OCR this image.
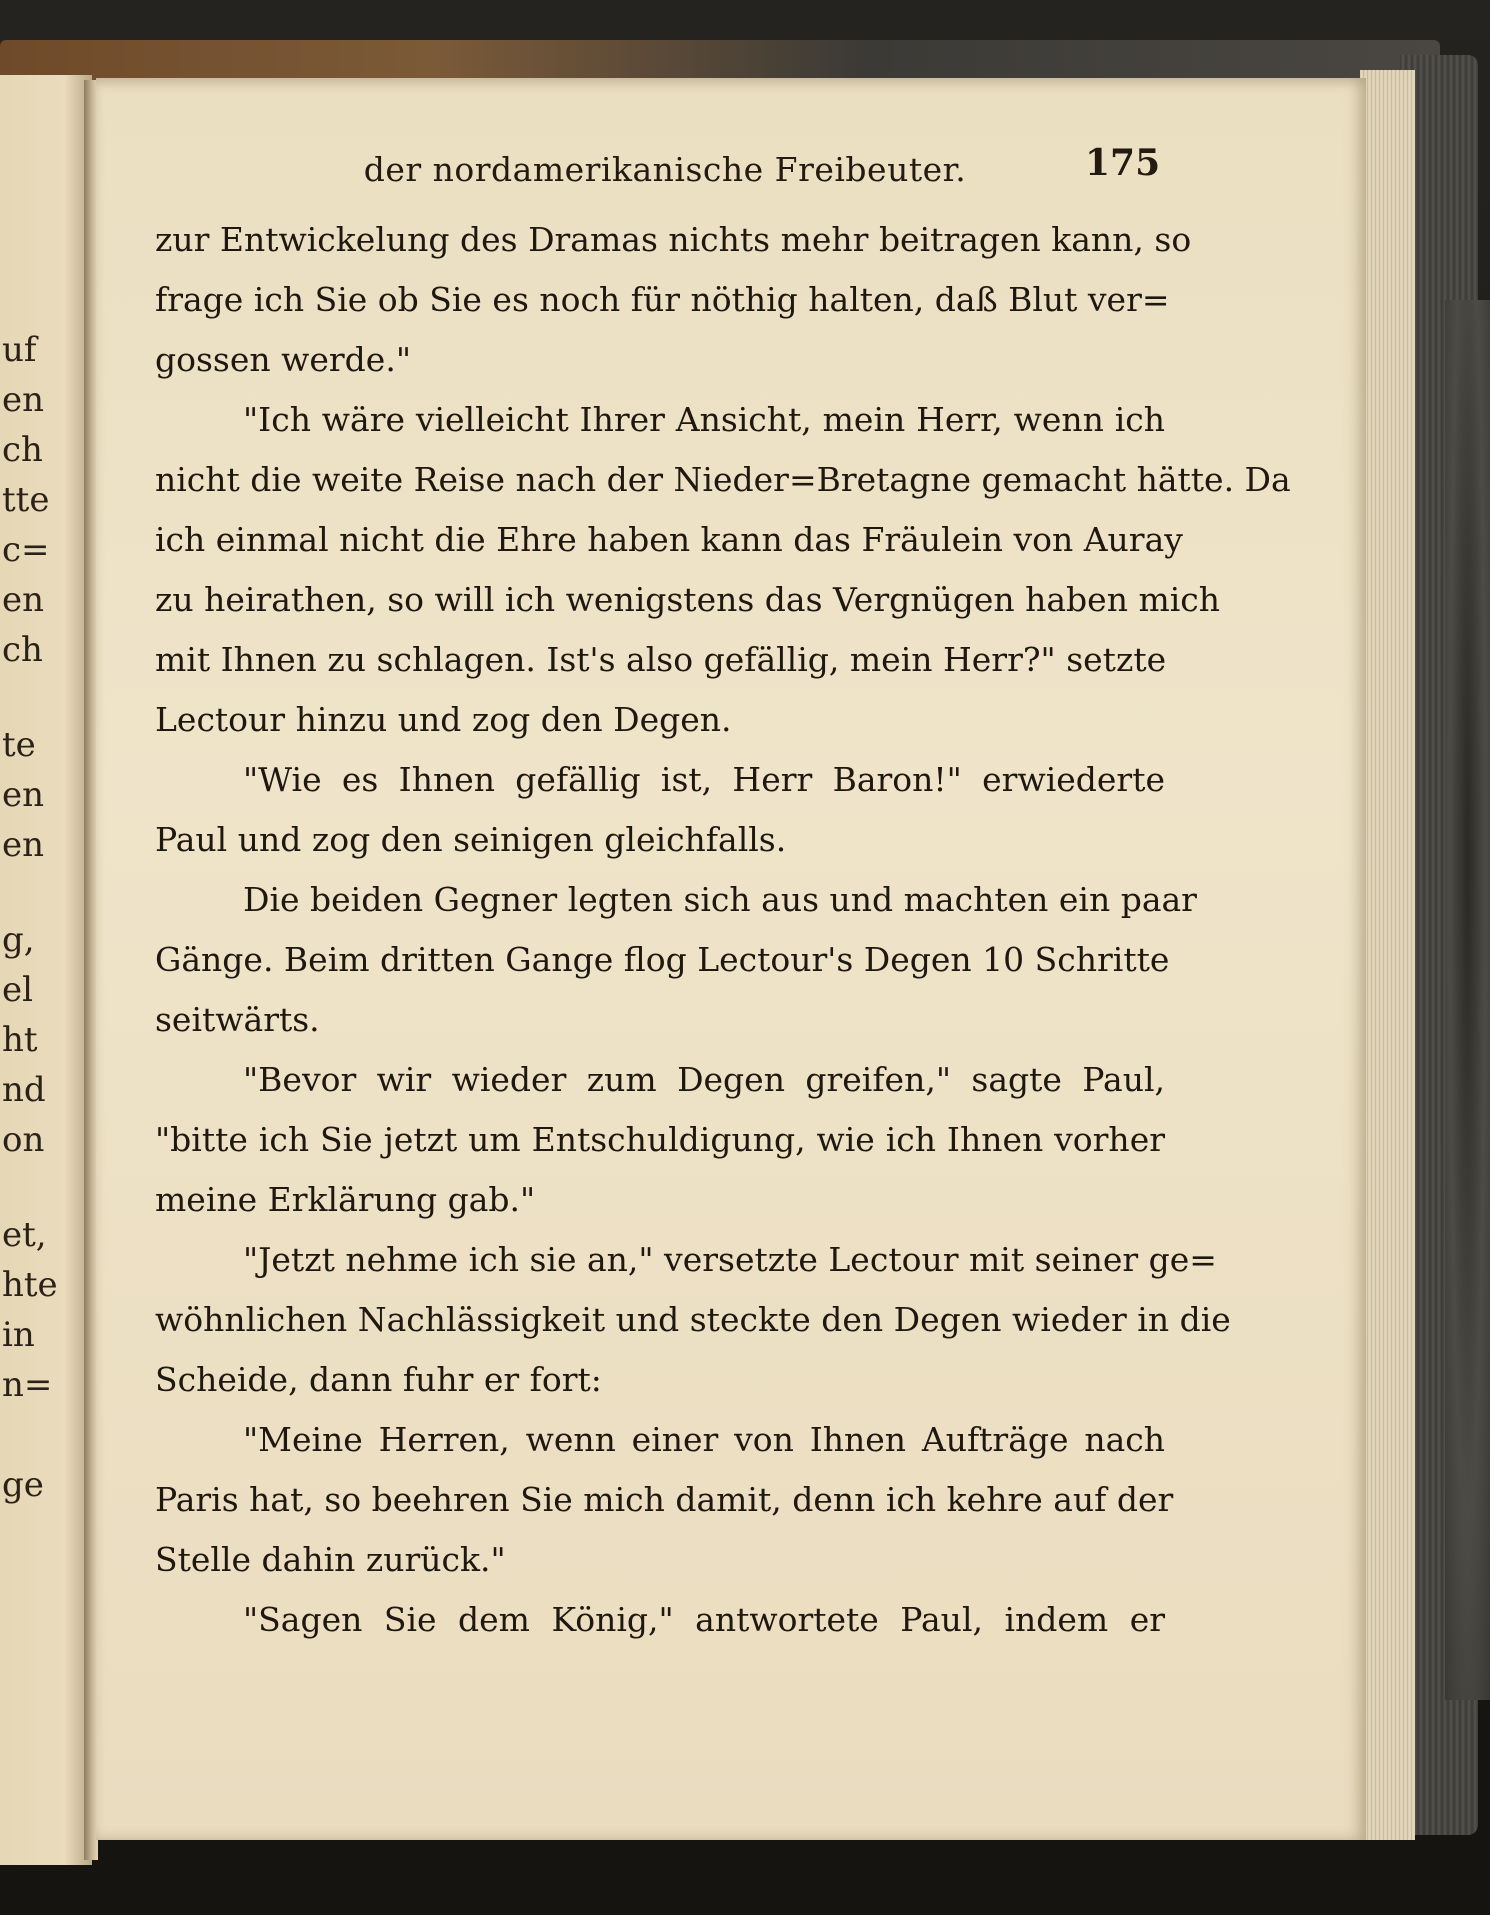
uf
en
ch
tte
c=
en
ch
te
en
en
g,
el
ht
nd
on
et,
hte
in
n=
ge
der nordamerikanische Freibeuter.	175
zur Entwickelung des Dramas nichts mehr beitragen kann, so
frage ich Sie ob Sie es noch für nöthig halten, daß Blut ver=
gossen werde."
"Ich wäre vielleicht Ihrer Ansicht, mein Herr, wenn ich
nicht die weite Reise nach der Nieder=Bretagne gemacht hätte. Da
ich einmal nicht die Ehre haben kann das Fräulein von Auray
zu heirathen, so will ich wenigstens das Vergnügen haben mich
mit Ihnen zu schlagen. Ist's also gefällig, mein Herr?" setzte
Lectour hinzu und zog den Degen.
"Wie es Ihnen gefällig ist, Herr Baron!" erwiederte
Paul und zog den seinigen gleichfalls.
Die beiden Gegner legten sich aus und machten ein paar
Gänge. Beim dritten Gange flog Lectour's Degen 10 Schritte
seitwärts.
"Bevor wir wieder zum Degen greifen," sagte Paul,
"bitte ich Sie jetzt um Entschuldigung, wie ich Ihnen vorher
meine Erklärung gab."
"Jetzt nehme ich sie an," versetzte Lectour mit seiner ge=
wöhnlichen Nachlässigkeit und steckte den Degen wieder in die
Scheide, dann fuhr er fort:
"Meine Herren, wenn einer von Ihnen Aufträge nach
Paris hat, so beehren Sie mich damit, denn ich kehre auf der
Stelle dahin zurück."
"Sagen Sie dem König," antwortete Paul, indem er
